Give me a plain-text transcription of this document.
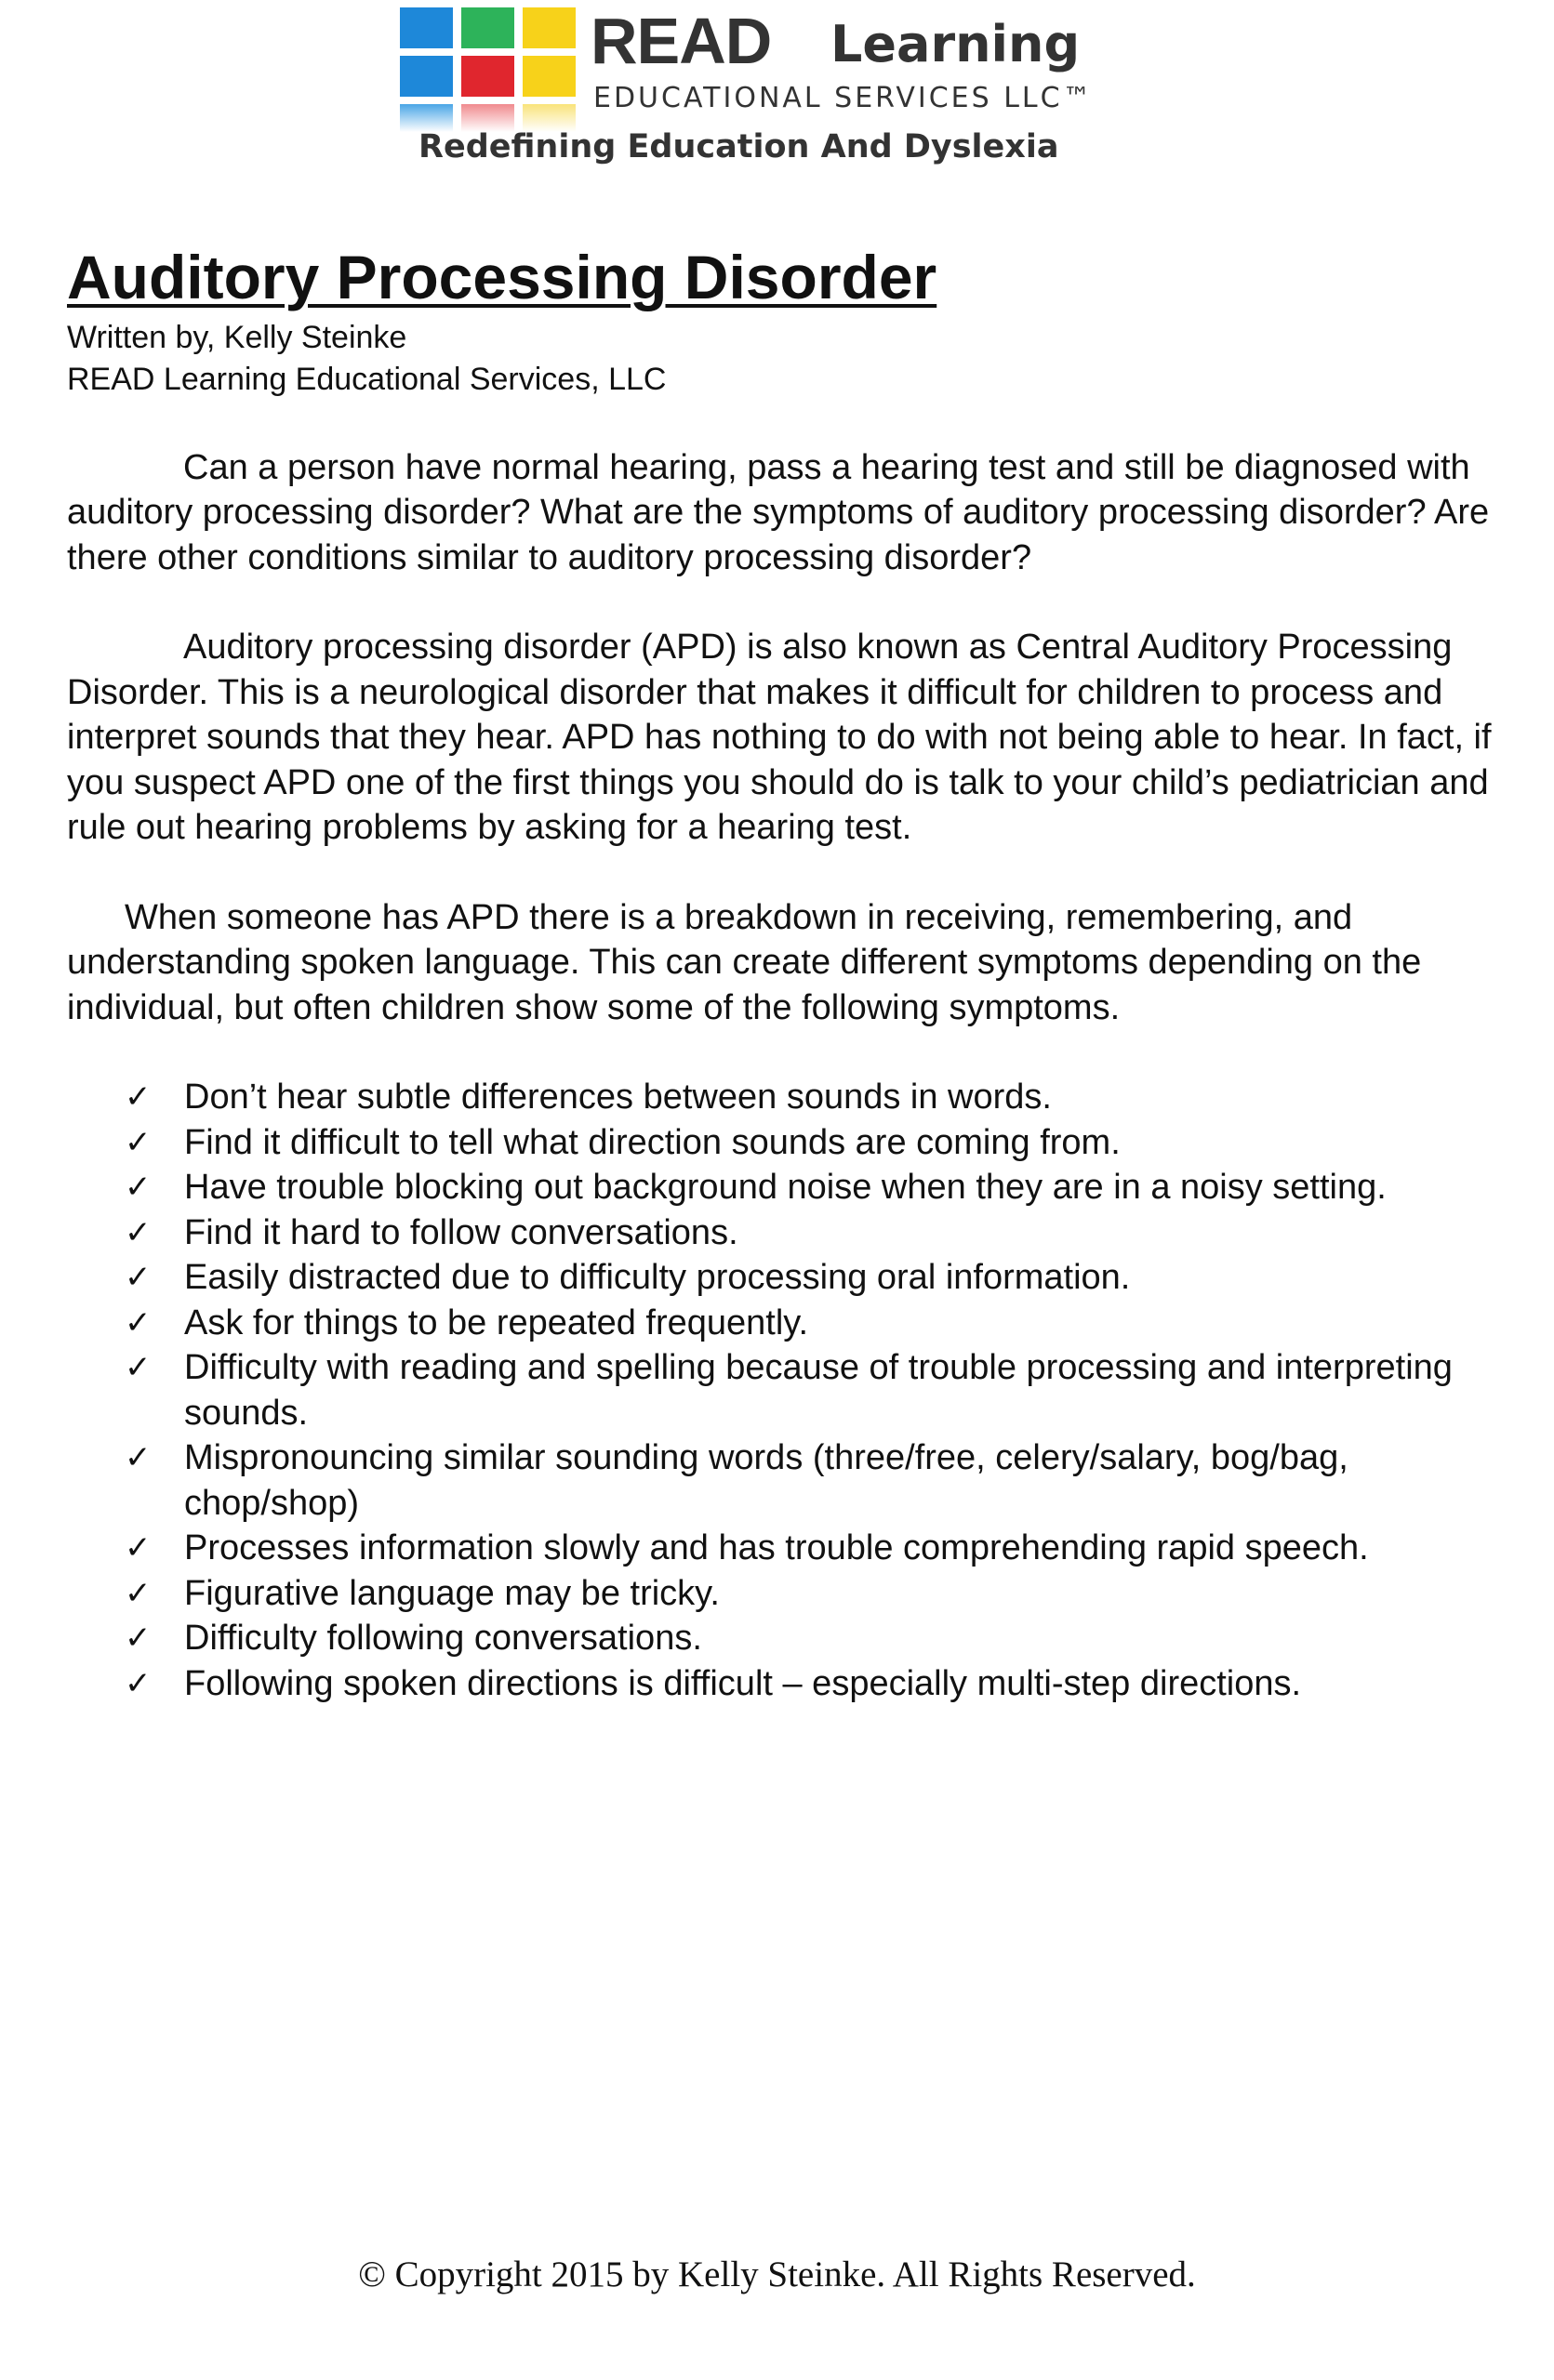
READ Learning
EDUCATIONAL SERVICES LLC™
Redefining Education And Dyslexia
Auditory Processing Disorder
Written by, Kelly Steinke
READ Learning Educational Services, LLC

Can a person have normal hearing, pass a hearing test and still be diagnosed with auditory processing disorder? What are the symptoms of auditory processing disorder? Are there other conditions similar to auditory processing disorder?

Auditory processing disorder (APD) is also known as Central Auditory Processing Disorder. This is a neurological disorder that makes it difficult for children to process and interpret sounds that they hear. APD has nothing to do with not being able to hear. In fact, if you suspect APD one of the first things you should do is talk to your child’s pediatrician and rule out hearing problems by asking for a hearing test.

When someone has APD there is a breakdown in receiving, remembering, and understanding spoken language. This can create different symptoms depending on the individual, but often children show some of the following symptoms.

✓ Don’t hear subtle differences between sounds in words.
✓ Find it difficult to tell what direction sounds are coming from.
✓ Have trouble blocking out background noise when they are in a noisy setting.
✓ Find it hard to follow conversations.
✓ Easily distracted due to difficulty processing oral information.
✓ Ask for things to be repeated frequently.
✓ Difficulty with reading and spelling because of trouble processing and interpreting sounds.
✓ Mispronouncing similar sounding words (three/free, celery/salary, bog/bag, chop/shop)
✓ Processes information slowly and has trouble comprehending rapid speech.
✓ Figurative language may be tricky.
✓ Difficulty following conversations.
✓ Following spoken directions is difficult – especially multi-step directions.
© Copyright 2015 by Kelly Steinke. All Rights Reserved.
